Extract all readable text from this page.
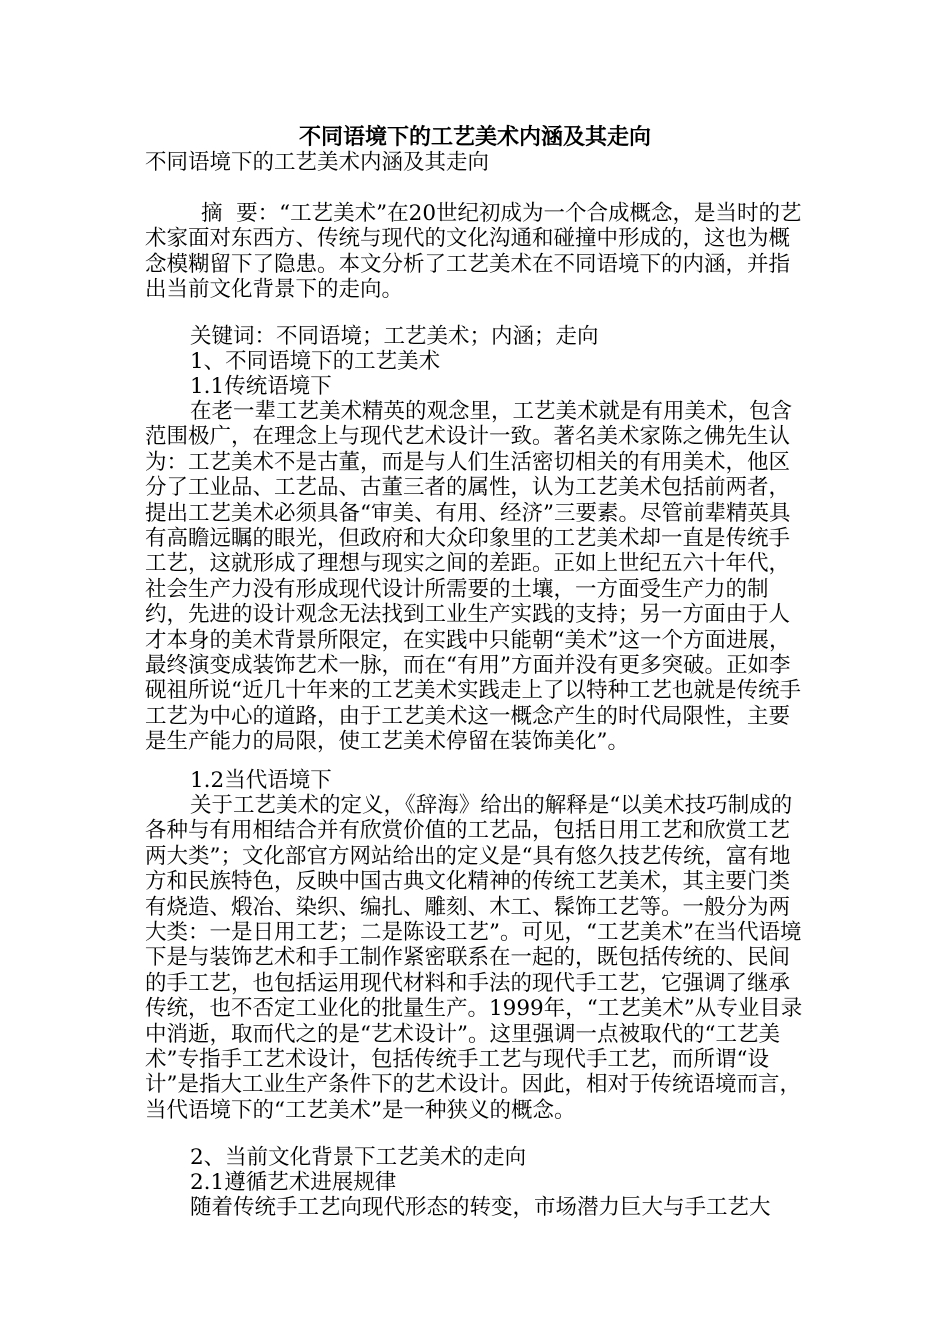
不同语境下的工艺美术内涵及其走向
不同语境下的工艺美术内涵及其走向

摘  要：“工艺美术”在20世纪初成为一个合成概念，是当时的艺术家面对东西方、传统与现代的文化沟通和碰撞中形成的，这也为概念模糊留下了隐患。本文分析了工艺美术在不同语境下的内涵，并指出当前文化背景下的走向。

关键词：不同语境；工艺美术；内涵；走向
1、不同语境下的工艺美术
1.1传统语境下

在老一辈工艺美术精英的观念里，工艺美术就是有用美术，包含范围极广，在理念上与现代艺术设计一致。著名美术家陈之佛先生认为：工艺美术不是古董，而是与人们生活密切相关的有用美术，他区分了工业品、工艺品、古董三者的属性，认为工艺美术包括前两者，提出工艺美术必须具备“审美、有用、经济”三要素。尽管前辈精英具有高瞻远瞩的眼光，但政府和大众印象里的工艺美术却一直是传统手工艺，这就形成了理想与现实之间的差距。正如上世纪五六十年代，社会生产力没有形成现代设计所需要的土壤，一方面受生产力的制约，先进的设计观念无法找到工业生产实践的支持；另一方面由于人才本身的美术背景所限定，在实践中只能朝“美术”这一个方面进展，最终演变成装饰艺术一脉，而在“有用”方面并没有更多突破。正如李砚祖所说“近几十年来的工艺美术实践走上了以特种工艺也就是传统手工艺为中心的道路，由于工艺美术这一概念产生的时代局限性，主要是生产能力的局限，使工艺美术停留在装饰美化”。

1.2当代语境下

关于工艺美术的定义，《辞海》给出的解释是“以美术技巧制成的各种与有用相结合并有欣赏价值的工艺品，包括日用工艺和欣赏工艺两大类”；文化部官方网站给出的定义是“具有悠久技艺传统，富有地方和民族特色，反映中国古典文化精神的传统工艺美术，其主要门类有烧造、煅冶、染织、编扎、雕刻、木工、髹饰工艺等。一般分为两大类：一是日用工艺；二是陈设工艺”。可见，“工艺美术”在当代语境下是与装饰艺术和手工制作紧密联系在一起的，既包括传统的、民间的手工艺，也包括运用现代材料和手法的现代手工艺，它强调了继承传统，也不否定工业化的批量生产。1999年，“工艺美术”从专业目录中消逝，取而代之的是“艺术设计”。这里强调一点被取代的“工艺美术”专指手工艺术设计，包括传统手工艺与现代手工艺，而所谓“设计”是指大工业生产条件下的艺术设计。因此，相对于传统语境而言，当代语境下的“工艺美术”是一种狭义的概念。

2、当前文化背景下工艺美术的走向
2.1遵循艺术进展规律

随着传统手工艺向现代形态的转变，市场潜力巨大与手工艺大
